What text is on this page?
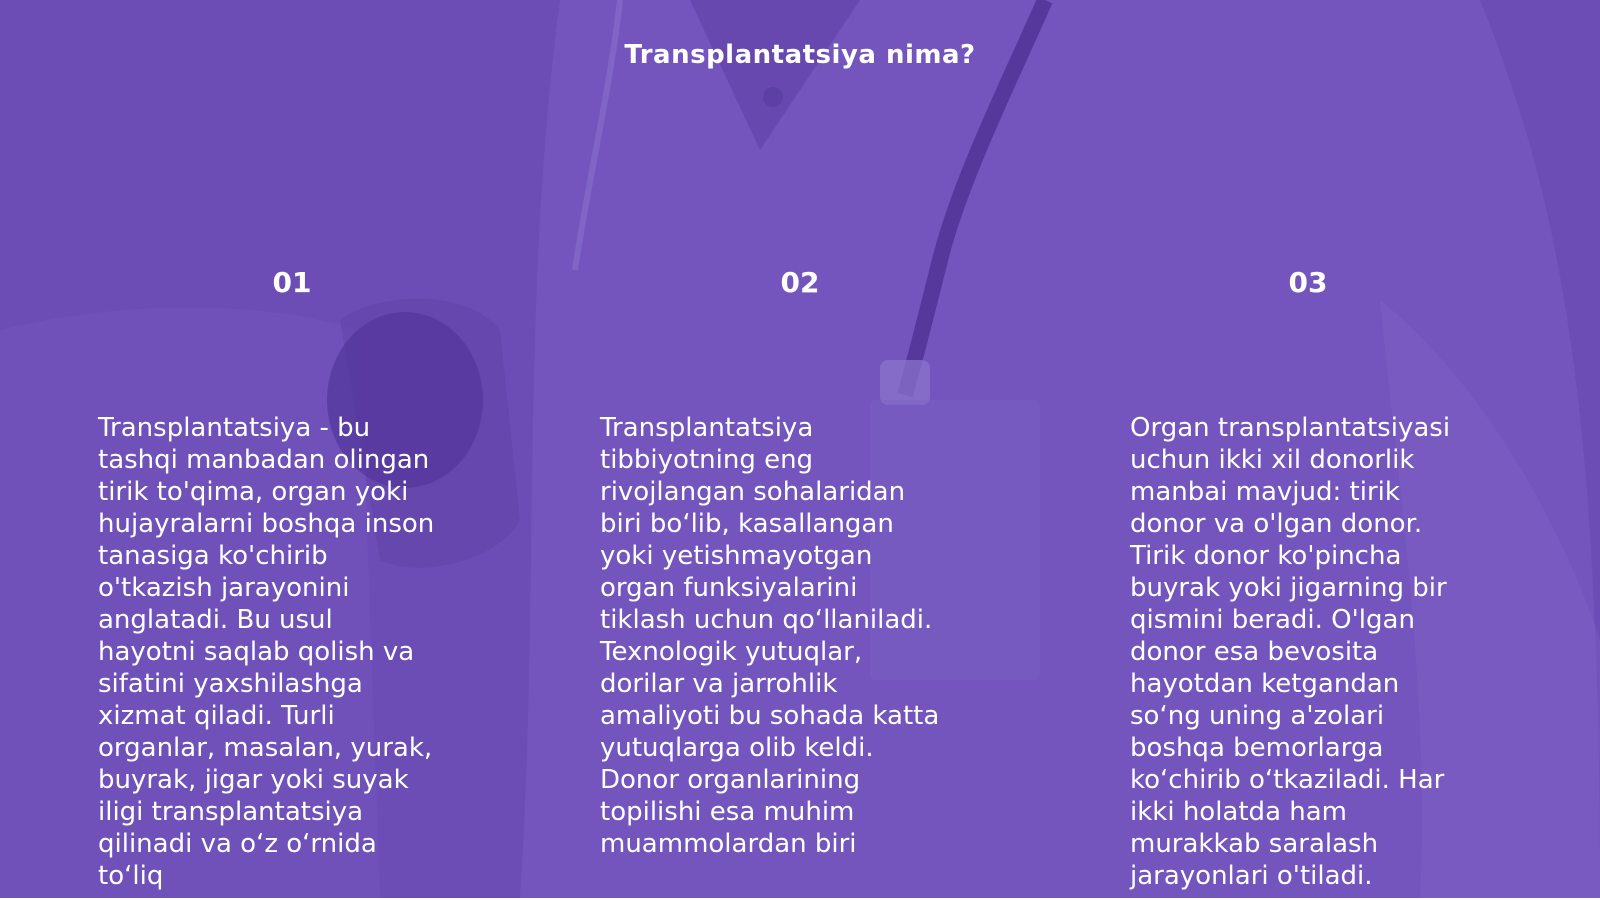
Transplantatsiya nima?
01	02	03

Transplantatsiya - bu tashqi manbadan olingan tirik to'qima, organ yoki hujayralarni boshqa inson tanasiga ko'chirib o'tkazish jarayonini anglatadi. Bu usul hayotni saqlab qolish va sifatini yaxshilashga xizmat qiladi. Turli organlar, masalan, yurak, buyrak, jigar yoki suyak iligi transplantatsiya qilinadi va o‘z o‘rnida to‘liq

Transplantatsiya tibbiyotning eng rivojlangan sohalaridan biri bo‘lib, kasallangan yoki yetishmayotgan organ funksiyalarini tiklash uchun qo‘llaniladi. Texnologik yutuqlar, dorilar va jarrohlik amaliyoti bu sohada katta yutuqlarga olib keldi. Donor organlarining topilishi esa muhim muammolardan biri

Organ transplantatsiyasi uchun ikki xil donorlik manbai mavjud: tirik donor va o'lgan donor. Tirik donor ko'pincha buyrak yoki jigarning bir qismini beradi. O'lgan donor esa bevosita hayotdan ketgandan so‘ng uning a'zolari boshqa bemorlarga ko‘chirib o‘tkaziladi. Har ikki holatda ham murakkab saralash jarayonlari o'tiladi.
